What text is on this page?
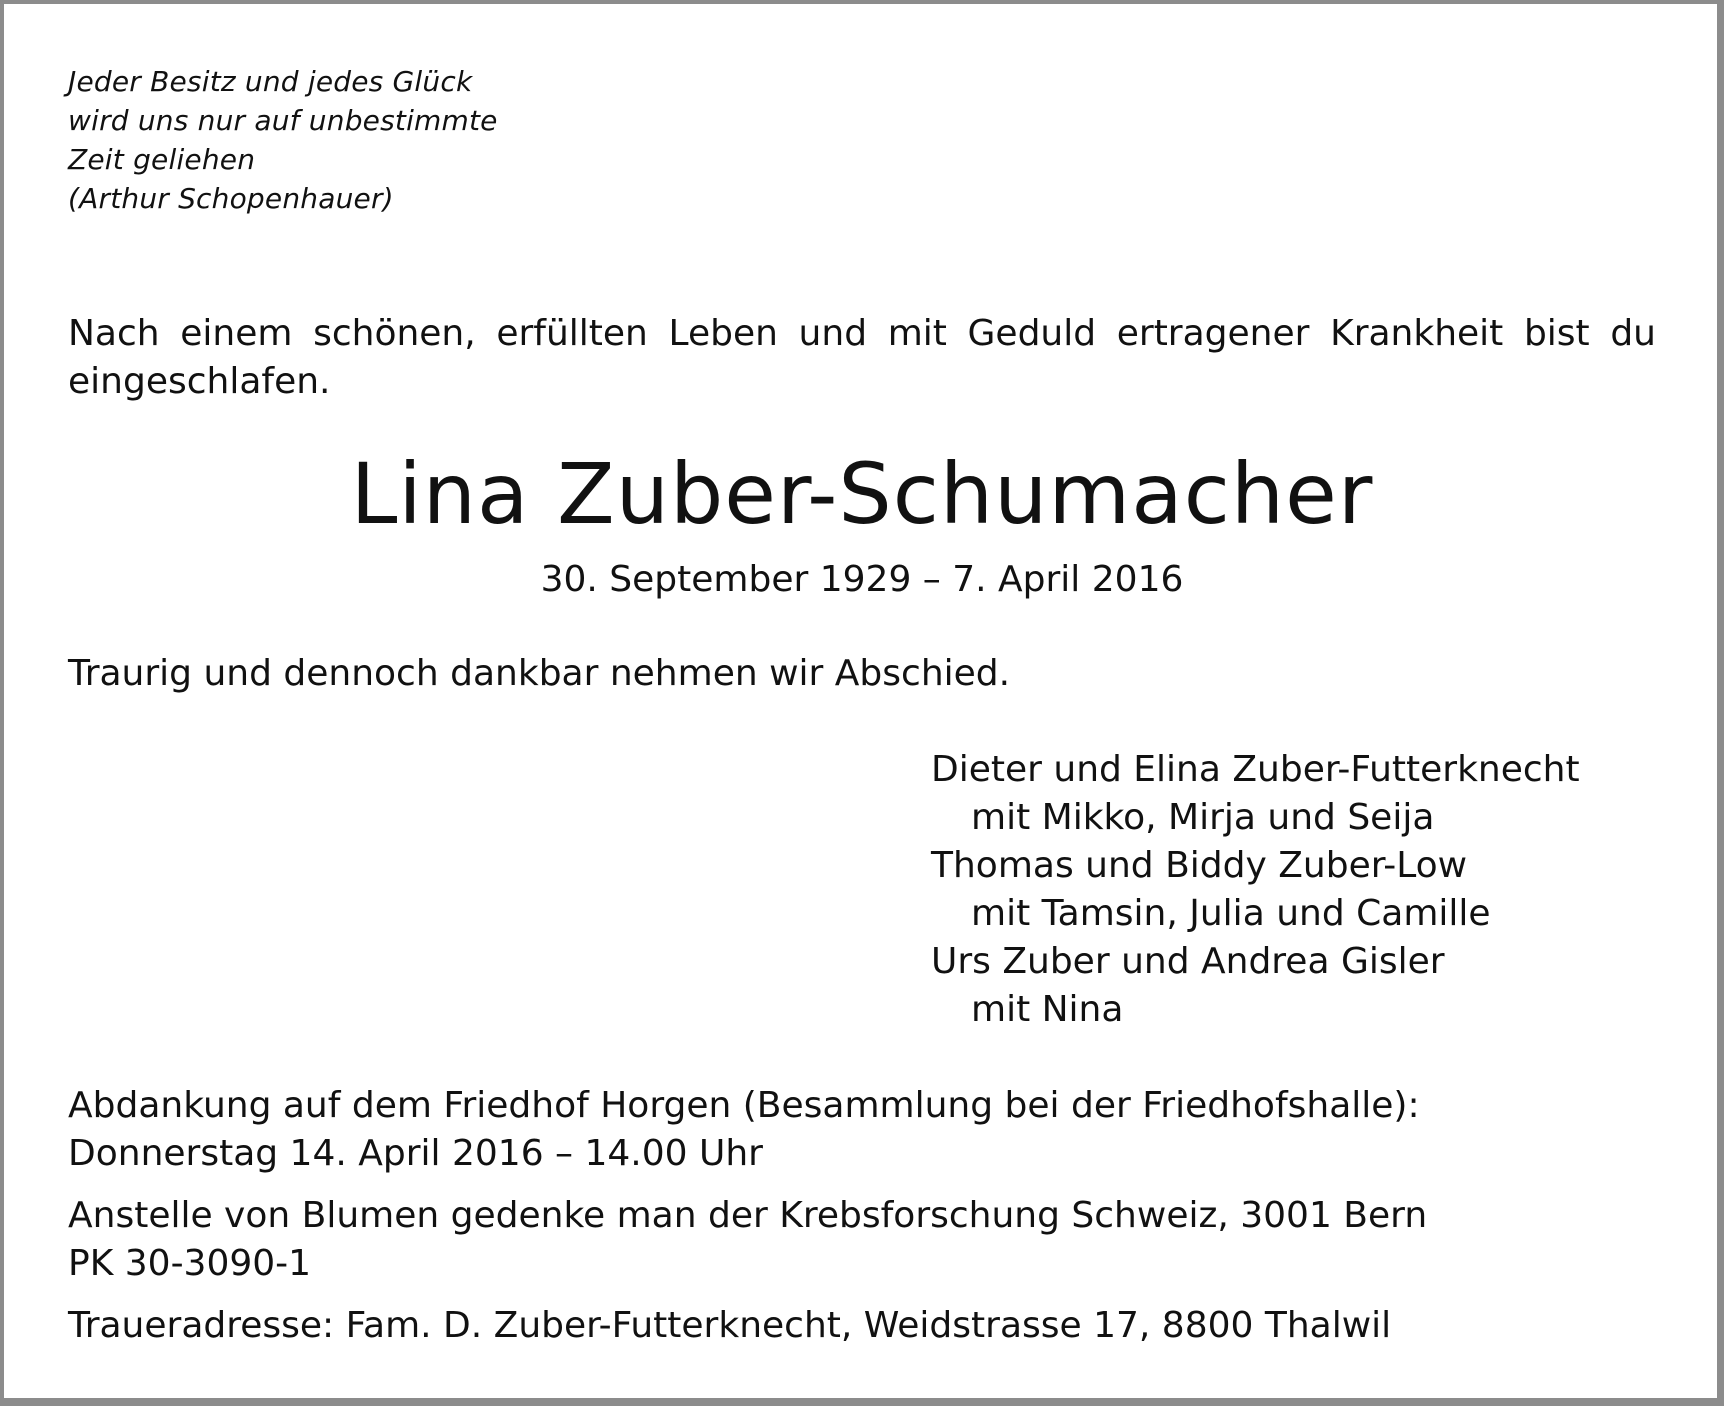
Jeder Besitz und jedes Glück
wird uns nur auf unbestimmte
Zeit geliehen
(Arthur Schopenhauer)
Nach einem schönen, erfüllten Leben und mit Geduld ertragener Krankheit bist du eingeschlafen.
Lina Zuber-Schumacher
30. September 1929 – 7. April 2016
Traurig und dennoch dankbar nehmen wir Abschied.
Dieter und Elina Zuber-Futterknecht
mit Mikko, Mirja und Seija
Thomas und Biddy Zuber-Low
mit Tamsin, Julia und Camille
Urs Zuber und Andrea Gisler
mit Nina
Abdankung auf dem Friedhof Horgen (Besammlung bei der Friedhofshalle):
Donnerstag 14. April 2016 – 14.00 Uhr
Anstelle von Blumen gedenke man der Krebsforschung Schweiz, 3001 Bern
PK 30-3090-1
Traueradresse: Fam. D. Zuber-Futterknecht, Weidstrasse 17, 8800 Thalwil
